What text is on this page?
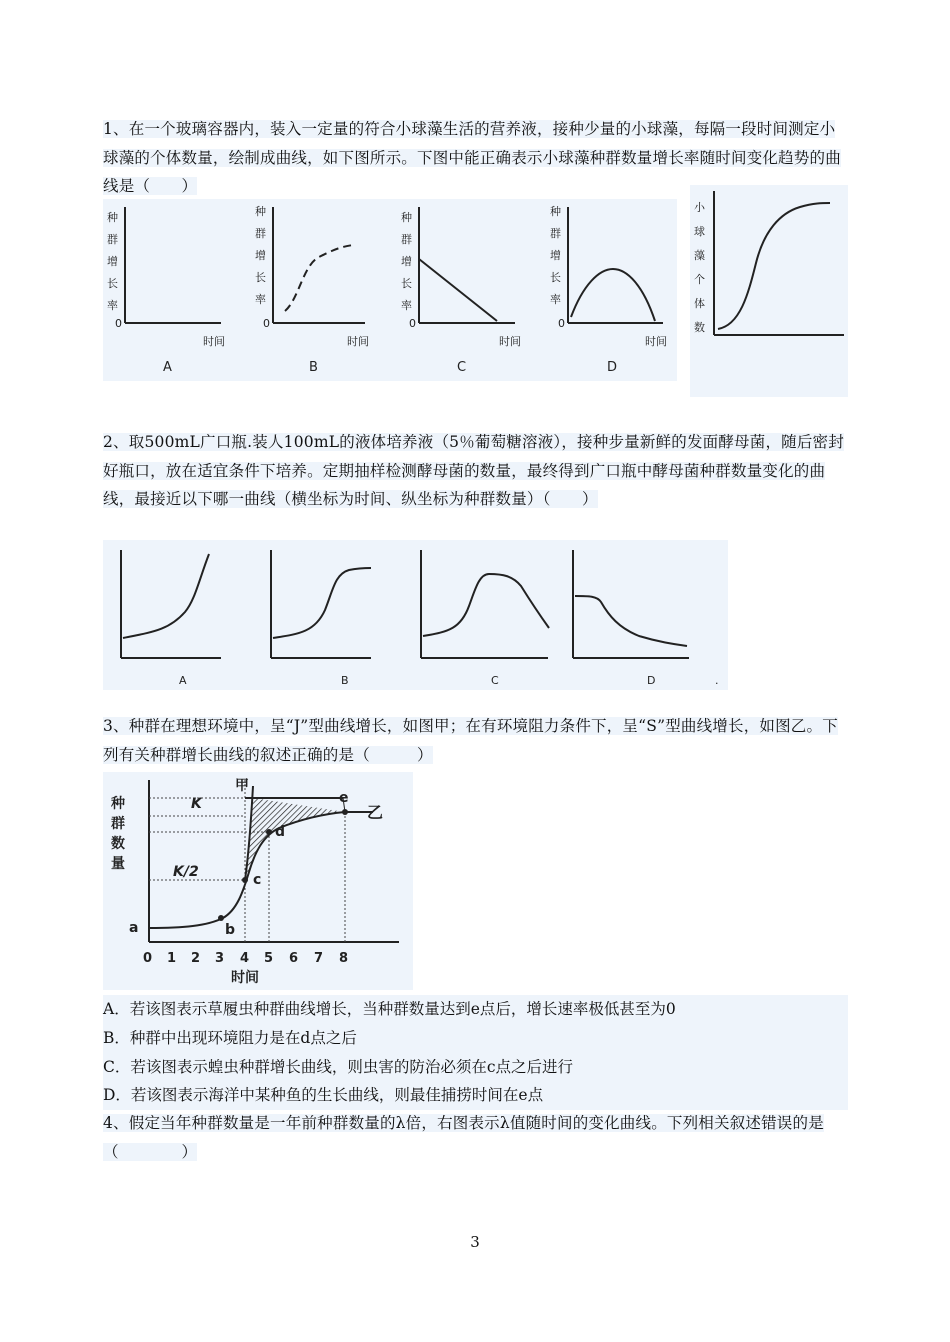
1、在一个玻璃容器内，装入一定量的符合小球藻生活的营养液，接种少量的小球藻，每隔一段时间测定小球藻的个体数量，绘制成曲线，如下图所示。下图中能正确表示小球藻种群数量增长率随时间变化趋势的曲线是（　　）
种
群
增
长
率
0
时间
A
种
群
增
长
率
0
时间
B
种
群
增
长
率
0
时间
C
种
群
增
长
率
0
时间
D
小
球
藻
个
体
数
2、取500mL广口瓶.装人100mL的液体培养液（5％葡萄糖溶液），接种步量新鲜的发面酵母菌，随后密封好瓶口，放在适宜条件下培养。定期抽样检测酵母菌的数量，最终得到广口瓶中酵母菌种群数量变化的曲线，最接近以下哪一曲线（横坐标为时间、纵坐标为种群数量）（　　）
A	B	C	D	.
3、种群在理想环境中，呈“J”型曲线增长，如图甲；在有环境阻力条件下，呈“S”型曲线增长，如图乙。下列有关种群增长曲线的叙述正确的是（　　　）
种
群
数
量
K
K/2
甲
乙
a	b
c
d
e
0 1 2 3 4 5 6 7 8
时间
A．若该图表示草履虫种群曲线增长，当种群数量达到e点后，增长速率极低甚至为0
B．种群中出现环境阻力是在d点之后
C．若该图表示蝗虫种群增长曲线，则虫害的防治必须在c点之后进行
D．若该图表示海洋中某种鱼的生长曲线，则最佳捕捞时间在e点
4、假定当年种群数量是一年前种群数量的λ倍，右图表示λ值随时间的变化曲线。下列相关叙述错误的是（　　　　）
3
